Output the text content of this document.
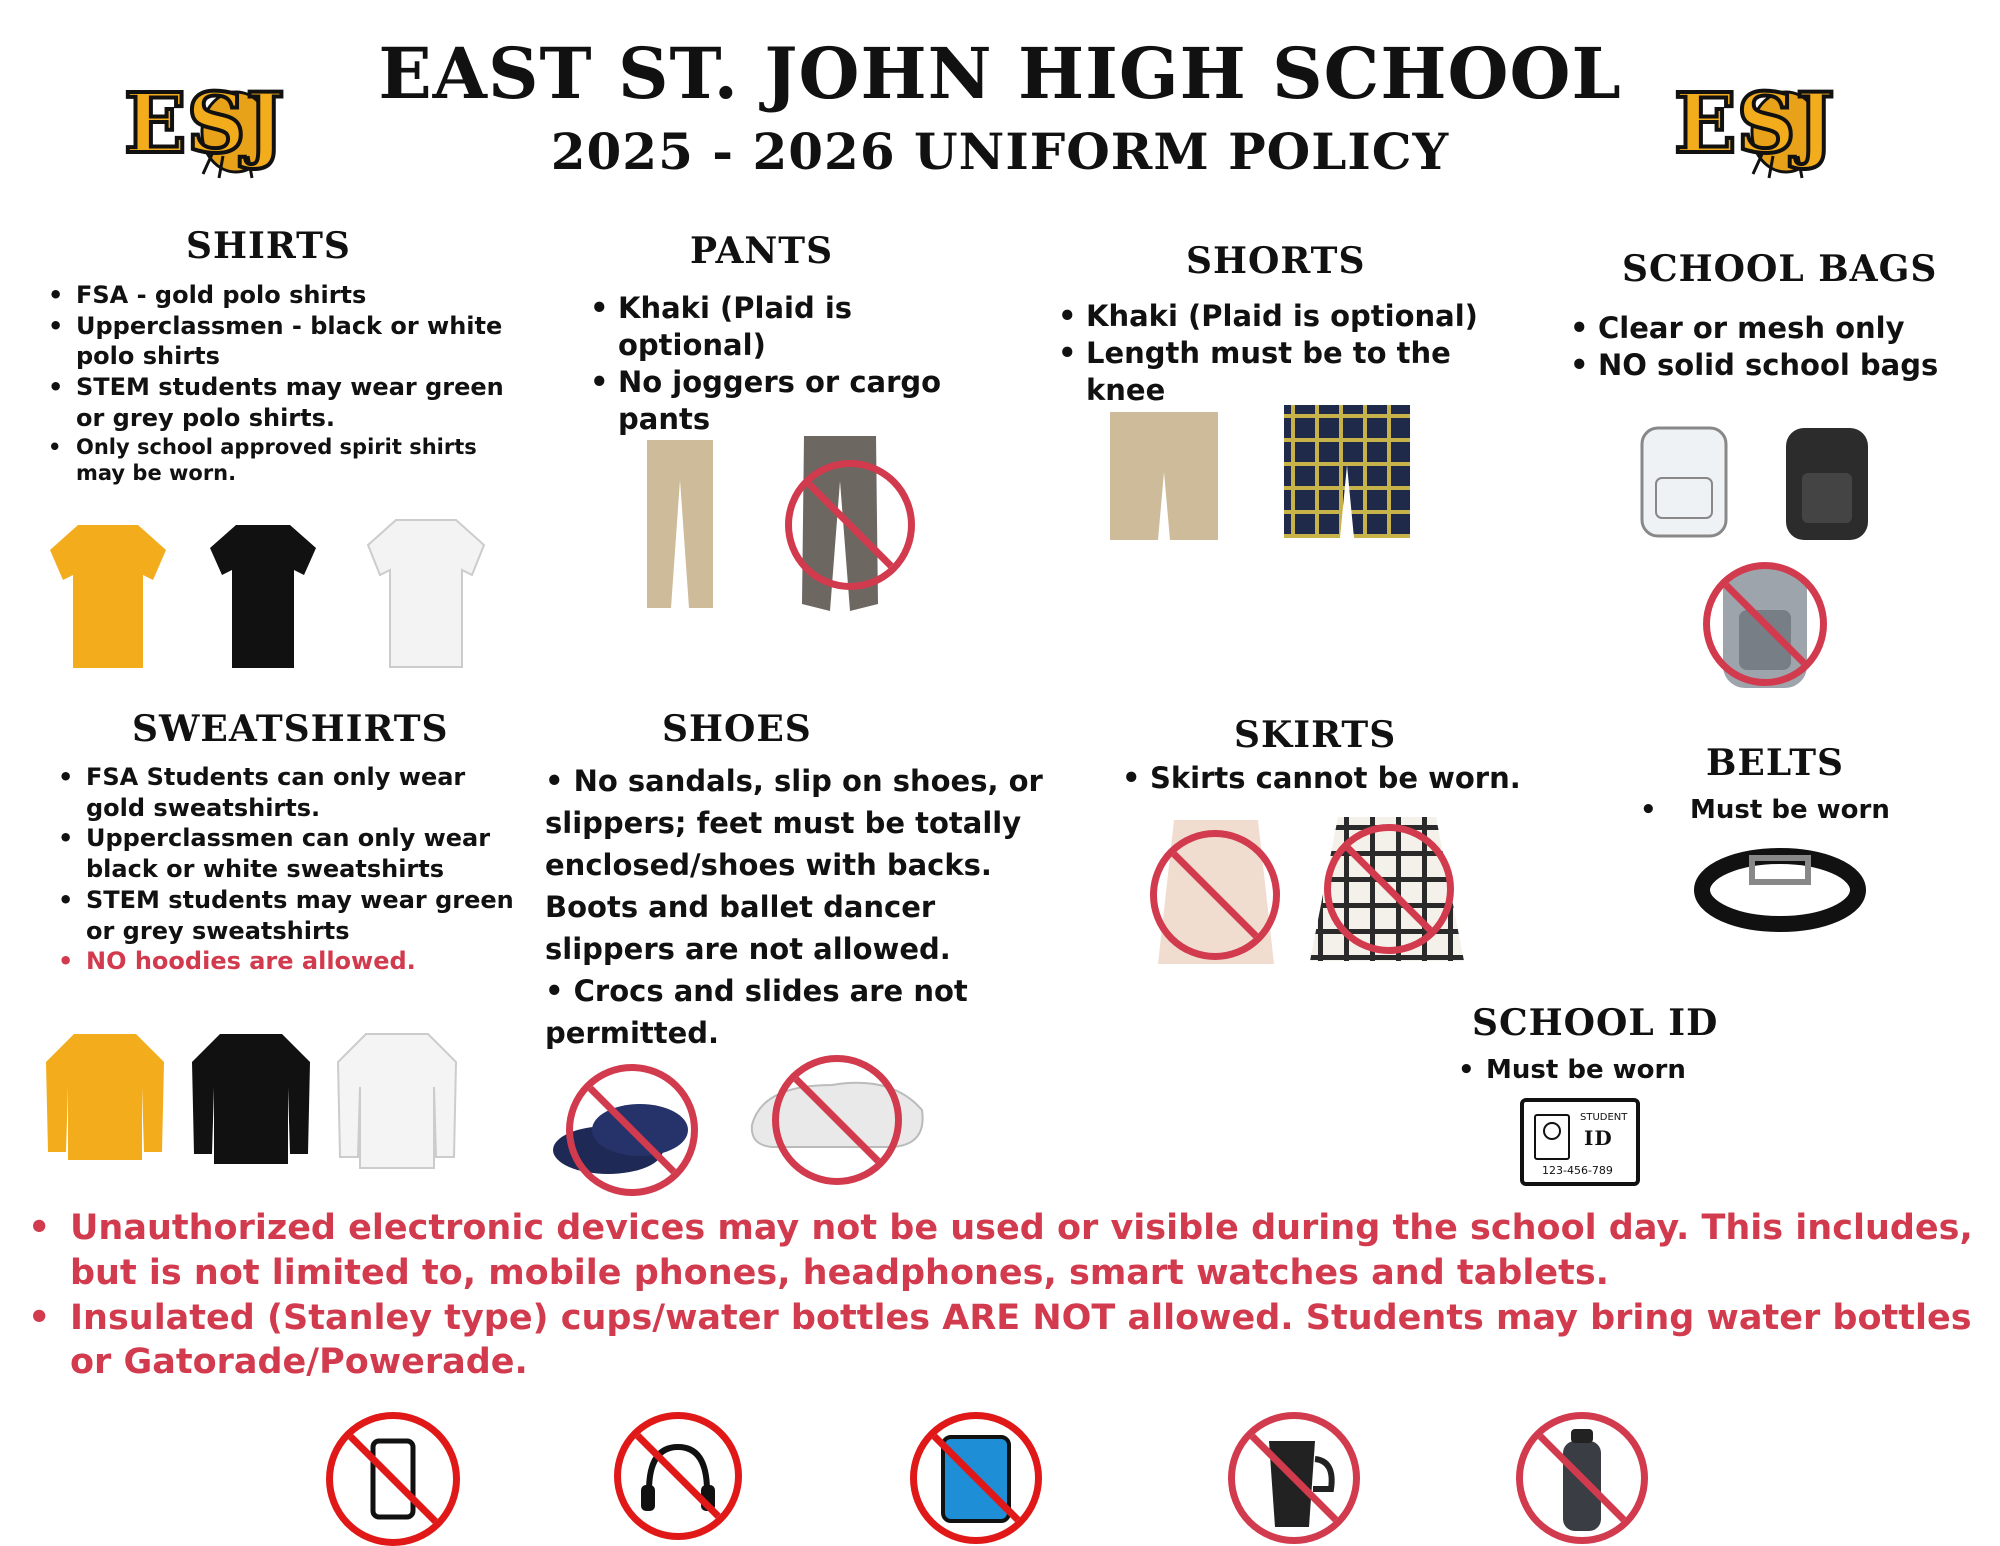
EAST ST. JOHN HIGH SCHOOL
2025 - 2026 UNIFORM POLICY
ESJ	ESJ
SHIRTS
• FSA - gold polo shirts
• Upperclassmen - black or white polo shirts
• STEM students may wear green or grey polo shirts.
• Only school approved spirit shirts may be worn.
PANTS
• Khaki (Plaid is optional)
• No joggers or cargo pants
SHORTS
• Khaki (Plaid is optional)
• Length must be to the knee
SCHOOL BAGS
• Clear or mesh only
• NO solid school bags
SWEATSHIRTS
• FSA Students can only wear gold sweatshirts.
• Upperclassmen can only wear black or white sweatshirts
• STEM students may wear green or grey sweatshirts
• NO hoodies are allowed.
SHOES
• No sandals, slip on shoes, or slippers; feet must be totally enclosed/shoes with backs. Boots and ballet dancer slippers are not allowed.
• Crocs and slides are not permitted.
SKIRTS
• Skirts cannot be worn.	BELTS
• Must be worn
SCHOOL ID
• Must be worn
STUDENT
ID
123-456-789
• Unauthorized electronic devices may not be used or visible during the school day. This includes, but is not limited to, mobile phones, headphones, smart watches and tablets.
• Insulated (Stanley type) cups/water bottles ARE NOT allowed. Students may bring water bottles or Gatorade/Powerade.
